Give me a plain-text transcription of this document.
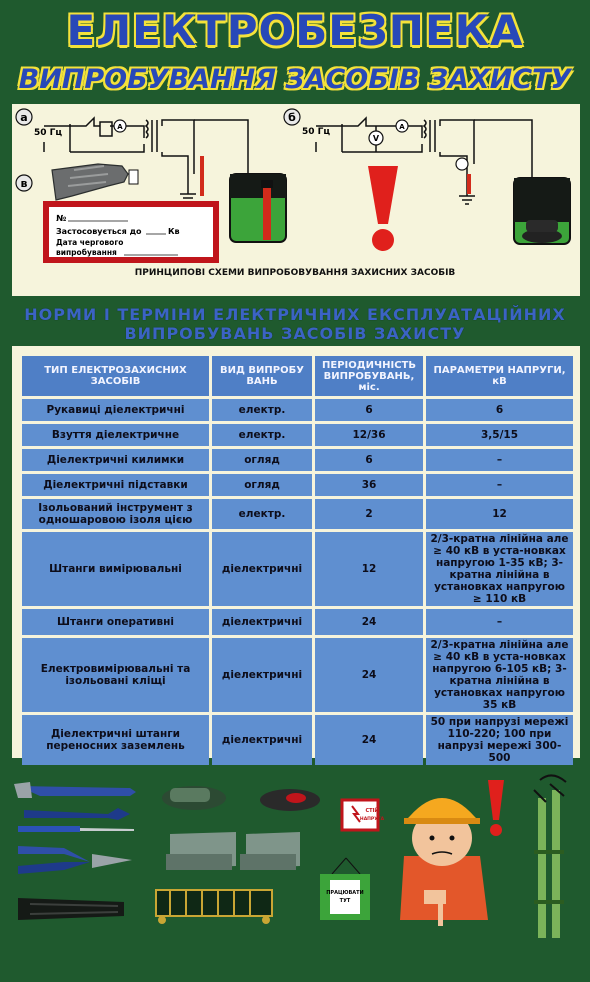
ЕЛЕКТРОБЕЗПЕКА
ВИПРОБУВАННЯ ЗАСОБІВ ЗАХИСТУ
а
50 Гц
A
в
№
Застосовується до	Кв
Дата чергового
випробування
б
50 Гц
V
A
ПРИНЦИПОВІ СХЕМИ ВИПРОБОВУВАННЯ ЗАХИСНИХ ЗАСОБІВ
НОРМИ І ТЕРМІНИ ЕЛЕКТРИЧНИХ ЕКСПЛУАТАЦІЙНИХ
ВИПРОБУВАНЬ ЗАСОБІВ ЗАХИСТУ
ТИП ЕЛЕКТРОЗАХИСНИХ ЗАСОБІВ	ВИД ВИПРОБУ ВАНЬ	ПЕРІОДИЧНІСТЬ ВИПРОБУВАНЬ, міс.	ПАРАМЕТРИ НАПРУГИ, кВ
Рукавиці діелектричні	електр.	6	6
Взуття діелектричне	електр.	12/36	3,5/15
Діелектричні килимки	огляд	6	–
Діелектричні підставки	огляд	36	–
Ізольований інструмент з одношаровою ізоля цією	електр.	2	12
Штанги вимірювальні	діелектричні	12	2/3-кратна лінійна але ≥ 40 кВ в уста-новках напругою 1-35 кВ; 3-кратна лінійна в установках напругою ≥ 110 кВ
Штанги оперативні	діелектричні	24	–
Електровимірювальні та ізольовані кліщі	діелектричні	24	2/3-кратна лінійна але ≥ 40 кВ в уста-новках напругою 6-105 кВ; 3-кратна лінійна в установках напругою 35 кВ
Діелектричні штанги переносних заземлень	діелектричні	24	50 при напрузі мережі 110-220; 100 при напрузі мережі 300-500
СТІЙ
НАПРУГА
ПРАЦЮВАТИ
ТУТ
